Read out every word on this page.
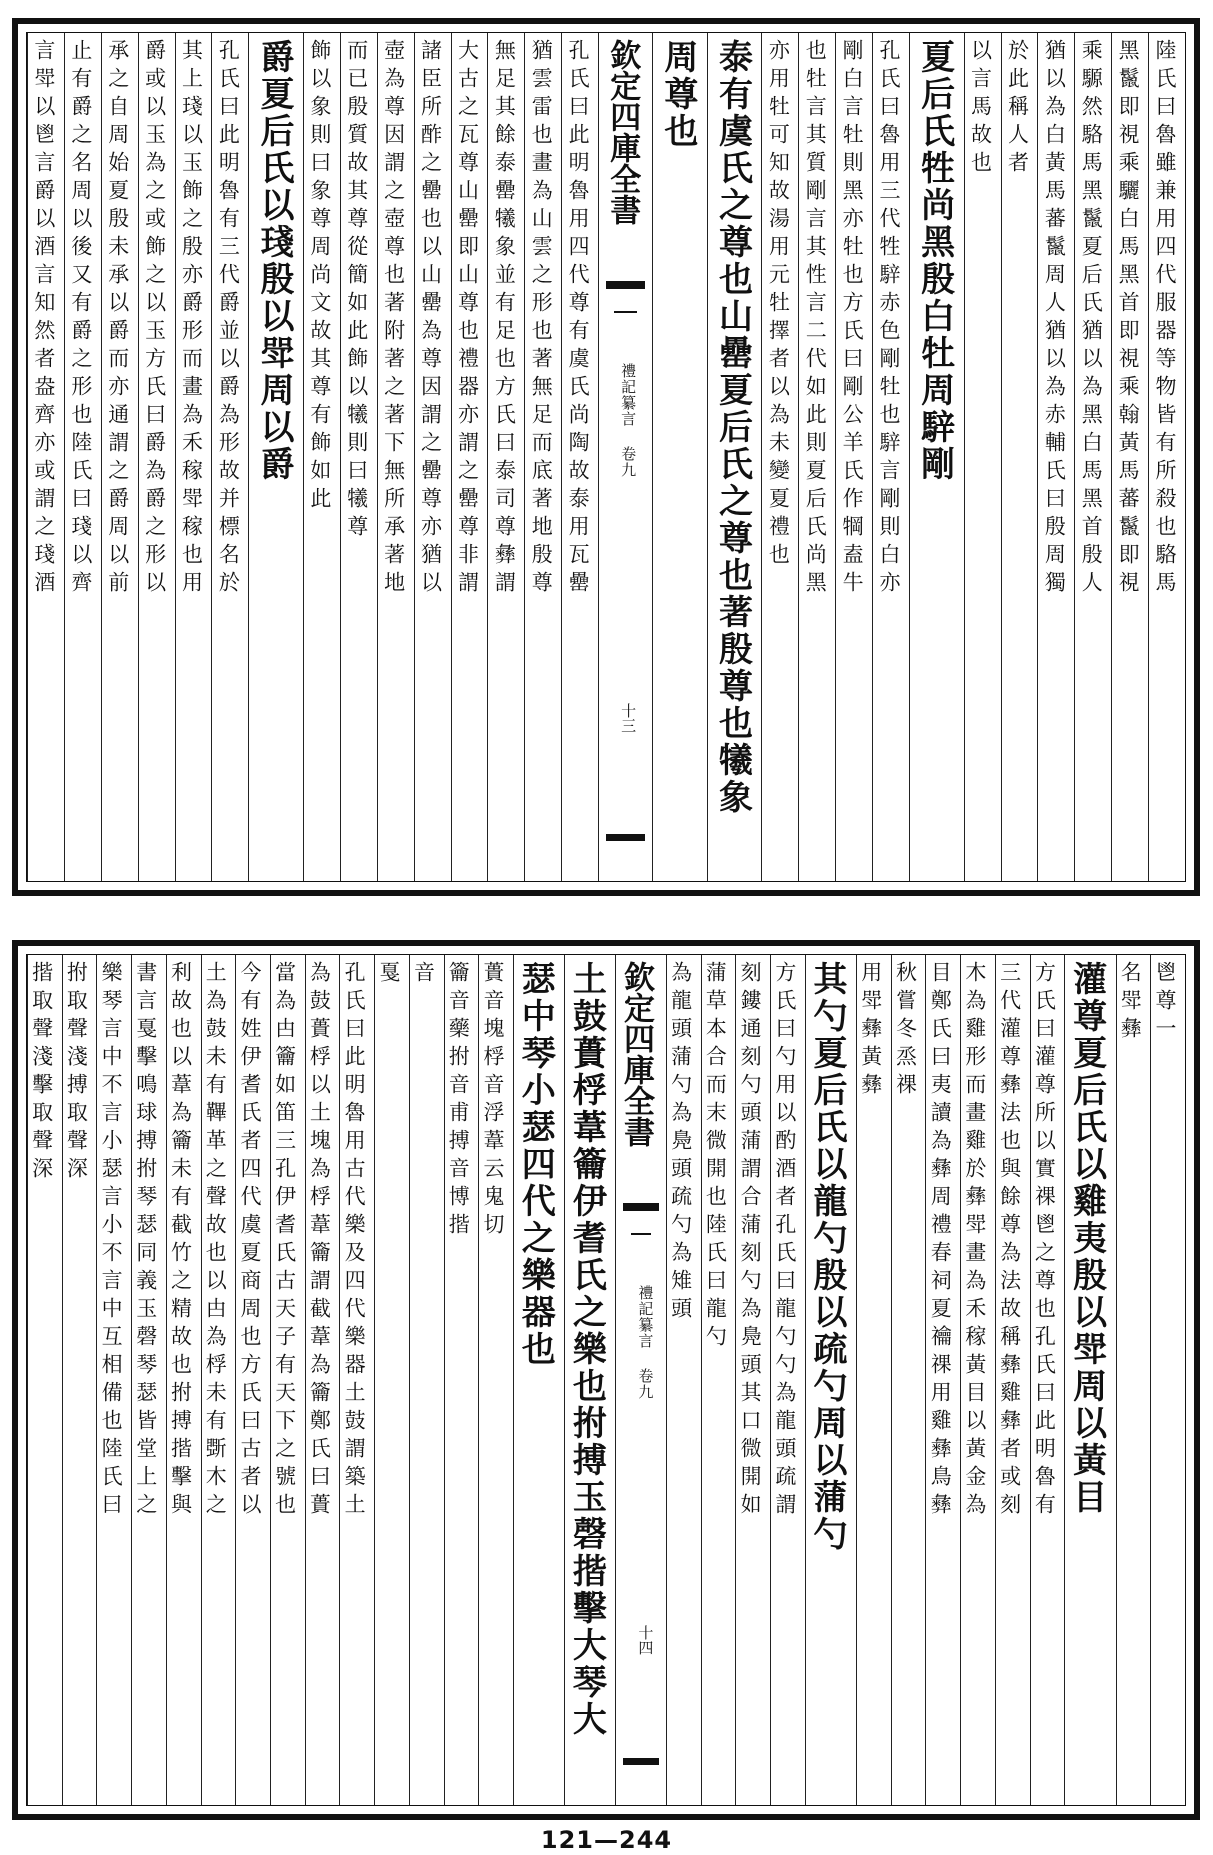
陸氏曰魯雖兼用四代服器等物皆有所殺也駱馬
黑鬣即視乘驪白馬黑首即視乘翰黃馬蕃鬣即視
乘騵然駱馬黑鬣夏后氏猶以為黑白馬黑首殷人
猶以為白黃馬蕃鬣周人猶以為赤輔氏曰殷周獨
於此稱人者
以言馬故也
夏后氏牲尚黑殷白牡周騂剛
孔氏曰魯用三代牲騂赤色剛牡也騂言剛則白亦
剛白言牡則黑亦牡也方氏曰剛公羊氏作犅盍牛
也牡言其質剛言其性言二代如此則夏后氏尚黑
亦用牡可知故湯用元牡擇者以為未變夏禮也
泰有虞氏之尊也山罍夏后氏之尊也著殷尊也犧象
周尊也
欽定四庫全書
禮記纂言 卷九
十三
孔氏曰此明魯用四代尊有虞氏尚陶故泰用瓦罍
猶雲雷也畫為山雲之形也著無足而底著地殷尊
無足其餘泰罍犧象並有足也方氏曰泰司尊彝謂
大古之瓦尊山罍即山尊也禮器亦謂之罍尊非謂
諸臣所酢之罍也以山罍為尊因謂之罍尊亦猶以
壺為尊因謂之壺尊也著附著之著下無所承著地
而已殷質故其尊從簡如此飾以犧則曰犧尊
飾以象則曰象尊周尚文故其尊有飾如此
爵夏后氏以琖殷以斝周以爵
孔氏曰此明魯有三代爵並以爵為形故并標名於
其上琖以玉飾之殷亦爵形而畫為禾稼斝稼也用
爵或以玉為之或飾之以玉方氏曰爵為爵之形以
承之自周始夏殷未承以爵而亦通謂之爵周以前
止有爵之名周以後又有爵之形也陸氏曰琖以齊
言斝以鬯言爵以酒言知然者盎齊亦或謂之琖酒
鬯尊一
名斝彝
灌尊夏后氏以雞夷殷以斝周以黃目
方氏曰灌尊所以實祼鬯之尊也孔氏曰此明魯有
三代灌尊彝法也與餘尊為法故稱彝雞彝者或刻
木為雞形而畫雞於彝斝畫為禾稼黃目以黃金為
目鄭氏曰夷讀為彝周禮春祠夏禴祼用雞彝鳥彝
秋嘗冬烝祼
用斝彝黃彝
其勺夏后氏以龍勺殷以疏勺周以蒲勺
方氏曰勺用以酌酒者孔氏曰龍勺勺為龍頭疏謂
刻鏤通刻勺頭蒲謂合蒲刻勺為鳧頭其口微開如
蒲草本合而末微開也陸氏曰龍勺
為龍頭蒲勺為鳧頭疏勺為雉頭
欽定四庫全書
禮記纂言 卷九
十四
土鼓蕢桴葦籥伊耆氏之樂也拊搏玉磬揩擊大琴大
瑟中琴小瑟四代之樂器也
蕢音塊桴音浮葦云鬼切
籥音藥拊音甫搏音博揩
音
戛
孔氏曰此明魯用古代樂及四代樂器土鼓謂築土
為鼓蕢桴以土塊為桴葦籥謂截葦為籥鄭氏曰蕢
當為甴籥如笛三孔伊耆氏古天子有天下之號也
今有姓伊耆氏者四代虞夏商周也方氏曰古者以
土為鼓未有鞸革之聲故也以甴為桴未有斲木之
利故也以葦為籥未有截竹之精故也拊搏揩擊與
書言戛擊鳴球搏拊琴瑟同義玉磬琴瑟皆堂上之
樂琴言中不言小瑟言小不言中互相備也陸氏曰
拊取聲淺搏取聲深
揩取聲淺擊取聲深
121—244
